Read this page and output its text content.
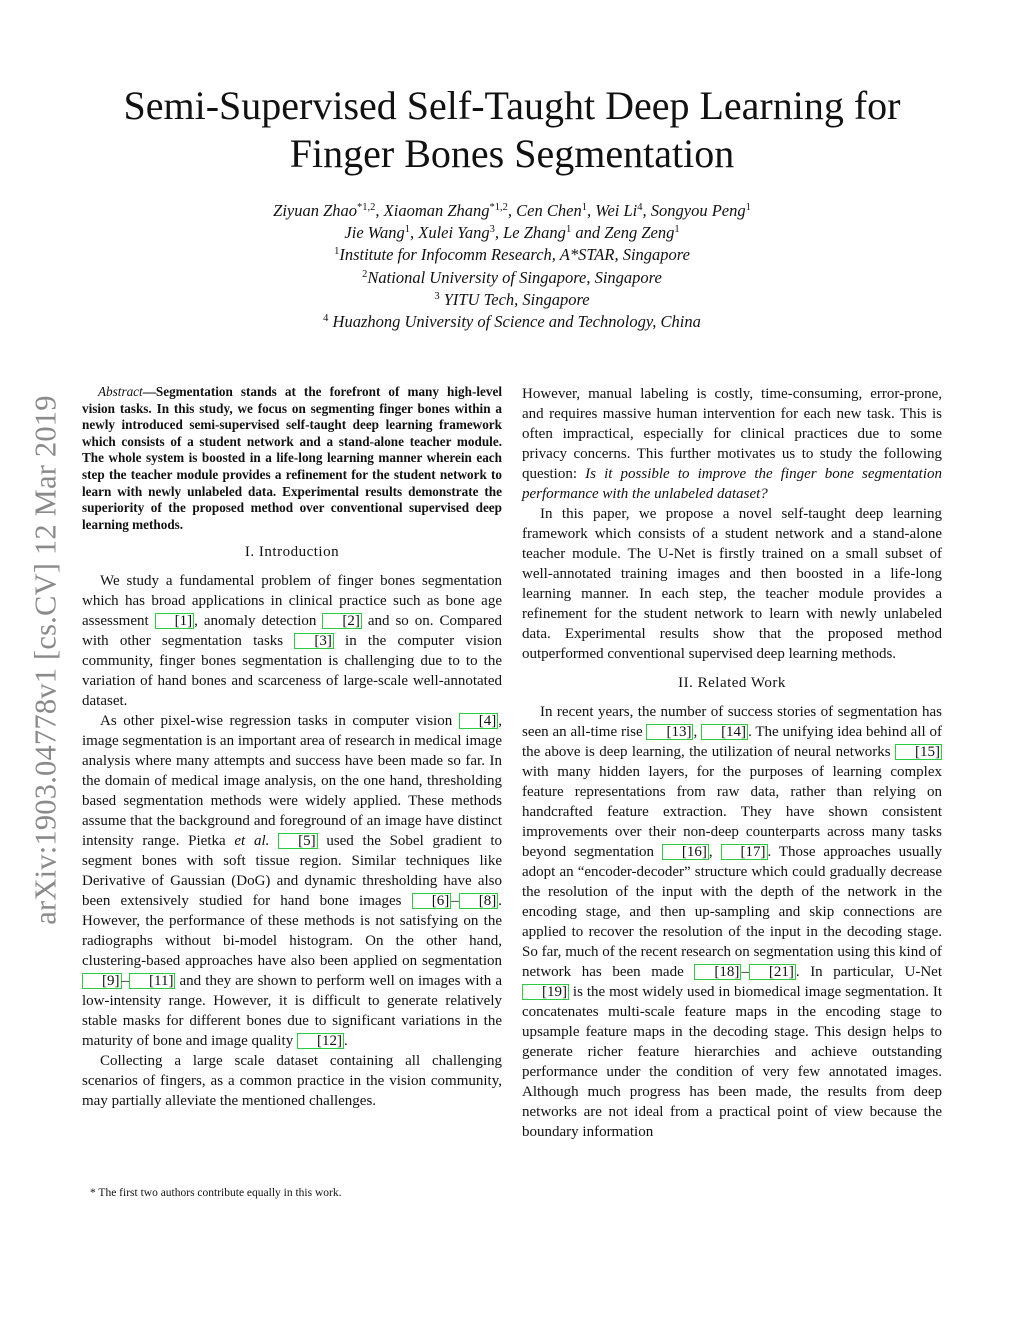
arXiv:1903.04778v1 [cs.CV] 12 Mar 2019
Semi-Supervised Self-Taught Deep Learning for
Finger Bones Segmentation
Ziyuan Zhao$^{*1,2}$, Xiaoman Zhang$^{*1,2}$, Cen Chen$^1$, Wei Li$^4$, Songyou Peng$^1$
Jie Wang$^1$, Xulei Yang$^3$, Le Zhang$^1$ and Zeng Zeng$^1$
$^1$Institute for Infocomm Research, A*STAR, Singapore
$^2$National University of Singapore, Singapore
$^3$ YITU Tech, Singapore
$^4$ Huazhong University of Science and Technology, China

Abstract—Segmentation stands at the forefront of many high-level vision tasks. In this study, we focus on segmenting finger bones within a newly introduced semi-supervised self-taught deep learning framework which consists of a student network and a stand-alone teacher module. The whole system is boosted in a life-long learning manner wherein each step the teacher module provides a refinement for the student network to learn with newly unlabeled data. Experimental results demonstrate the superiority of the proposed method over conventional supervised deep learning methods.

I. Introduction

We study a fundamental problem of finger bones segmentation which has broad applications in clinical practice such as bone age assessment [1] , anomaly detection [2] and so on. Compared with other segmentation tasks [3] in the computer vision community, finger bones segmentation is challenging due to to the variation of hand bones and scarceness of large-scale well-annotated dataset.

As other pixel-wise regression tasks in computer vision [4] , image segmentation is an important area of research in medical image analysis where many attempts and success have been made so far. In the domain of medical image analysis, on the one hand, thresholding based segmentation methods were widely applied. These methods assume that the background and foreground of an image have distinct intensity range. Pietka et al. [5] used the Sobel gradient to segment bones with soft tissue region. Similar techniques like Derivative of Gaussian (DoG) and dynamic thresholding have also been extensively studied for hand bone images [6] – [8] . However, the performance of these methods is not satisfying on the radiographs without bi-model histogram. On the other hand, clustering-based approaches have also been applied on segmentation [9] – [11] and they are shown to perform well on images with a low-intensity range. However, it is difficult to generate relatively stable masks for different bones due to significant variations in the maturity of bone and image quality [12] .

Collecting a large scale dataset containing all challenging scenarios of fingers, as a common practice in the vision community, may partially alleviate the mentioned challenges.

* The first two authors contribute equally in this work.

However, manual labeling is costly, time-consuming, error-prone, and requires massive human intervention for each new task. This is often impractical, especially for clinical practices due to some privacy concerns. This further motivates us to study the following question: Is it possible to improve the finger bone segmentation performance with the unlabeled dataset?

In this paper, we propose a novel self-taught deep learning framework which consists of a student network and a stand-alone teacher module. The U-Net is firstly trained on a small subset of well-annotated training images and then boosted in a life-long learning manner. In each step, the teacher module provides a refinement for the student network to learn with newly unlabeled data. Experimental results show that the proposed method outperformed conventional supervised deep learning methods.

II. Related Work

In recent years, the number of success stories of segmentation has seen an all-time rise [13] , [14] . The unifying idea behind all of the above is deep learning, the utilization of neural networks [15] with many hidden layers, for the purposes of learning complex feature representations from raw data, rather than relying on handcrafted feature extraction. They have shown consistent improvements over their non-deep counterparts across many tasks beyond segmentation [16] , [17] . Those approaches usually adopt an “encoder-decoder” structure which could gradually decrease the resolution of the input with the depth of the network in the encoding stage, and then up-sampling and skip connections are applied to recover the resolution of the input in the decoding stage. So far, much of the recent research on segmentation using this kind of network has been made [18] – [21] . In particular, U-Net [19] is the most widely used in biomedical image segmentation. It concatenates multi-scale feature maps in the encoding stage to upsample feature maps in the decoding stage. This design helps to generate richer feature hierarchies and achieve outstanding performance under the condition of very few annotated images. Although much progress has been made, the results from deep networks are not ideal from a practical point of view because the boundary information
